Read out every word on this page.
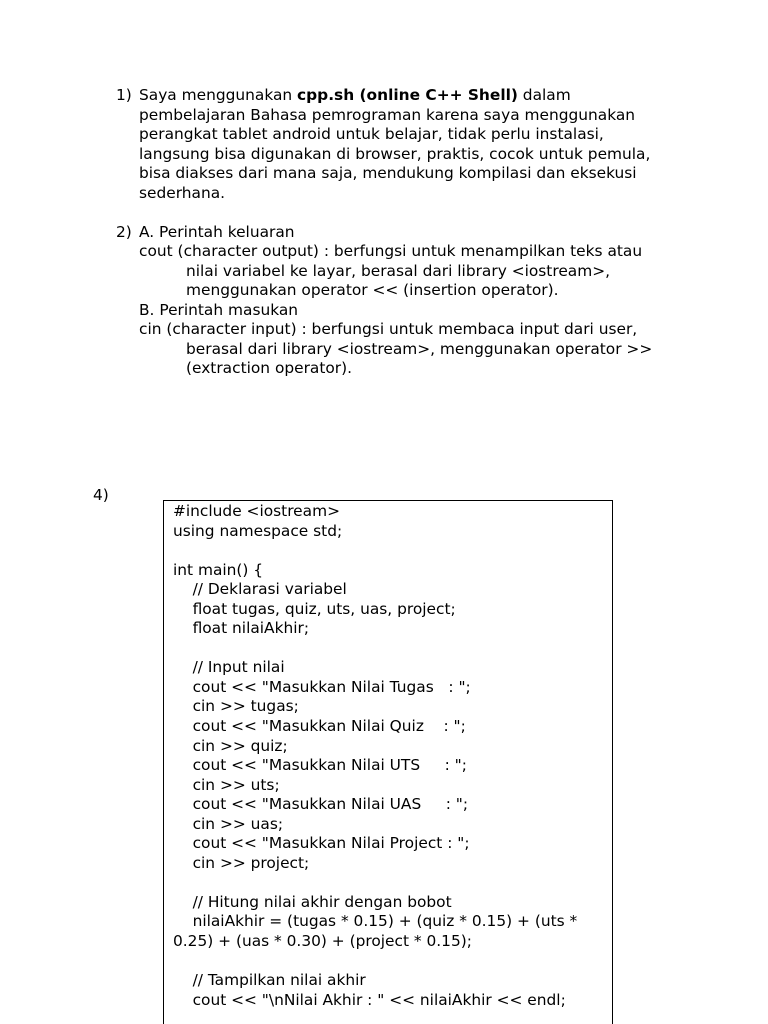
1) Saya menggunakan cpp.sh (online C++ Shell) dalam
pembelajaran Bahasa pemrograman karena saya menggunakan
perangkat tablet android untuk belajar, tidak perlu instalasi,
langsung bisa digunakan di browser, praktis, cocok untuk pemula,
bisa diakses dari mana saja, mendukung kompilasi dan eksekusi
sederhana.
2) A. Perintah keluaran
cout (character output) : berfungsi untuk menampilkan teks atau
nilai variabel ke layar, berasal dari library <iostream>,
menggunakan operator << (insertion operator).
B. Perintah masukan
cin (character input) : berfungsi untuk membaca input dari user,
berasal dari library <iostream>, menggunakan operator >>
(extraction operator).
4)
#include <iostream>
using namespace std;
int main() {
// Deklarasi variabel
float tugas, quiz, uts, uas, project;
float nilaiAkhir;
// Input nilai
cout << "Masukkan Nilai Tugas   : ";
cin >> tugas;
cout << "Masukkan Nilai Quiz    : ";
cin >> quiz;
cout << "Masukkan Nilai UTS     : ";
cin >> uts;
cout << "Masukkan Nilai UAS     : ";
cin >> uas;
cout << "Masukkan Nilai Project : ";
cin >> project;
// Hitung nilai akhir dengan bobot
nilaiAkhir = (tugas * 0.15) + (quiz * 0.15) + (uts *
0.25) + (uas * 0.30) + (project * 0.15);
// Tampilkan nilai akhir
cout << "\nNilai Akhir : " << nilaiAkhir << endl;
